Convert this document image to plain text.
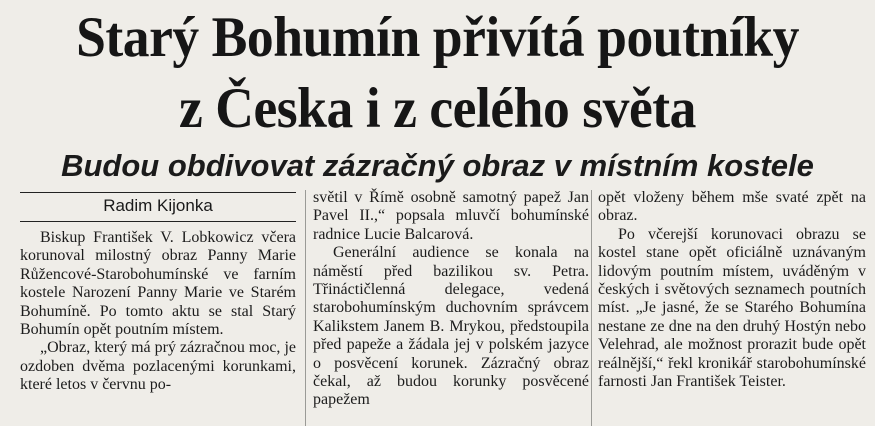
Starý Bohumín přivítá poutníky
z Česka i z celého světa
Budou obdivovat zázračný obraz v místním kostele
Radim Kijonka

Biskup František V. Lobkowicz včera korunoval milostný obraz Panny Marie Růžencové-Starobohumínské ve farním kostele Narození Panny Marie ve Starém Bohumíně. Po tomto aktu se stal Starý Bohumín opět poutním místem.

„Obraz, který má prý zázračnou moc, je ozdoben dvěma pozlacenými korunkami, které letos v červnu po-

světil v Římě osobně samotný papež Jan Pavel II.,“ popsala mluvčí bohumínské radnice Lucie Balcarová.

Generální audience se konala na náměstí před bazilikou sv. Petra. Třináctičlenná delegace, vedená starobohumínským duchovním správcem Kalikstem Janem B. Mrykou, předstoupila před papeže a žádala jej v polském jazyce o posvěcení korunek. Zázračný obraz čekal, až budou korunky posvěcené papežem

opět vloženy během mše svaté zpět na obraz.

Po včerejší korunovaci obrazu se kostel stane opět oficiálně uznávaným lidovým poutním místem, uváděným v českých i světových seznamech poutních míst. „Je jasné, že se Starého Bohumína nestane ze dne na den druhý Hostýn nebo Velehrad, ale možnost prorazit bude opět reálnější,“ řekl kronikář starobohumínské farnosti Jan František Teister.
